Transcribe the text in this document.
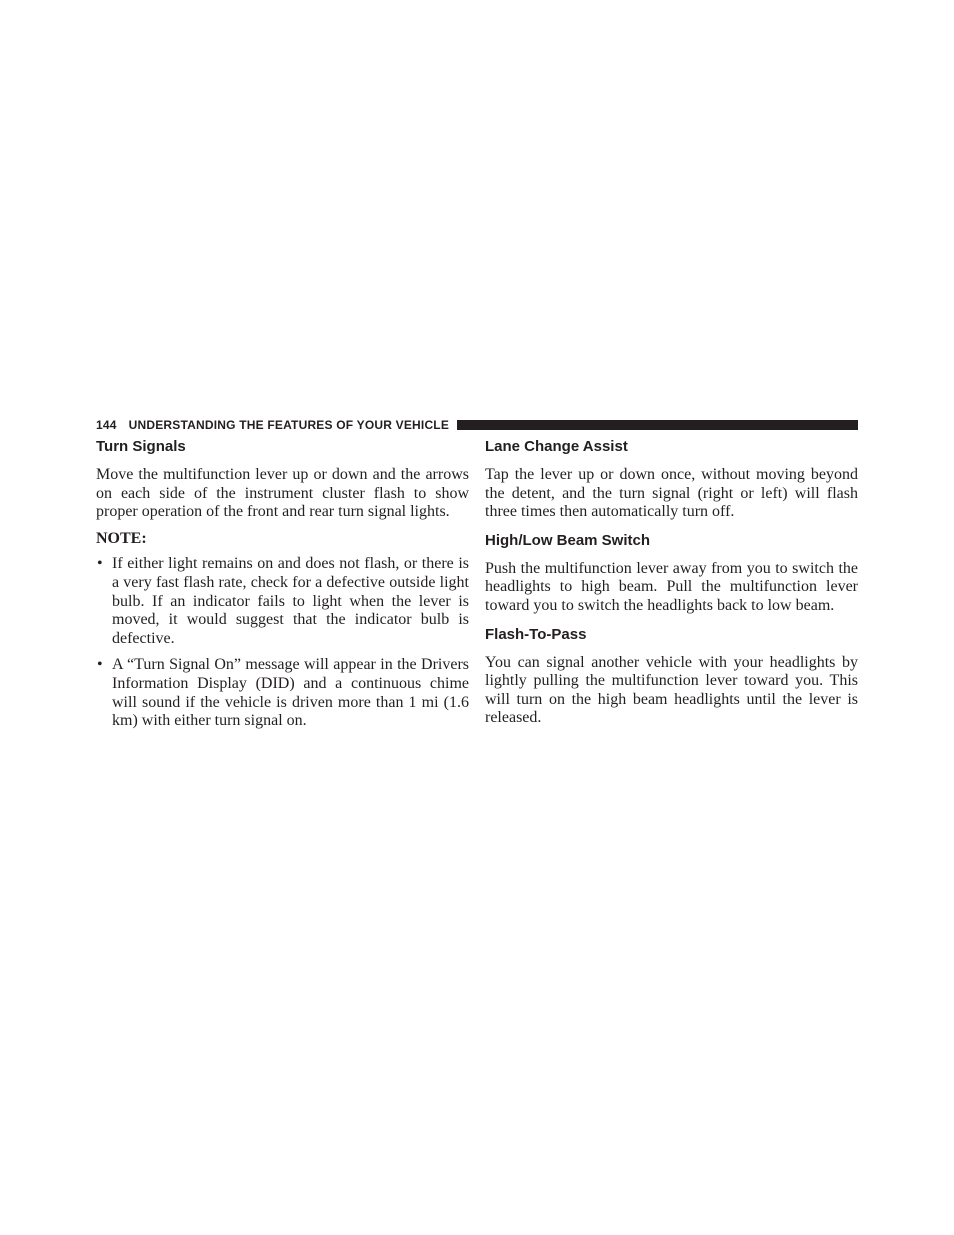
144 UNDERSTANDING THE FEATURES OF YOUR VEHICLE
Turn Signals

Move the multifunction lever up or down and the arrows on each side of the instrument cluster flash to show proper operation of the front and rear turn signal lights.

NOTE:
• If either light remains on and does not flash, or there is a very fast flash rate, check for a defective outside light bulb. If an indicator fails to light when the lever is moved, it would suggest that the indicator bulb is defective.
• A “Turn Signal On” message will appear in the Drivers Information Display (DID) and a continuous chime will sound if the vehicle is driven more than 1 mi (1.6 km) with either turn signal on.
Lane Change Assist

Tap the lever up or down once, without moving beyond the detent, and the turn signal (right or left) will flash three times then automatically turn off.

High/Low Beam Switch

Push the multifunction lever away from you to switch the headlights to high beam. Pull the multifunction lever toward you to switch the headlights back to low beam.

Flash-To-Pass

You can signal another vehicle with your headlights by lightly pulling the multifunction lever toward you. This will turn on the high beam headlights until the lever is released.
